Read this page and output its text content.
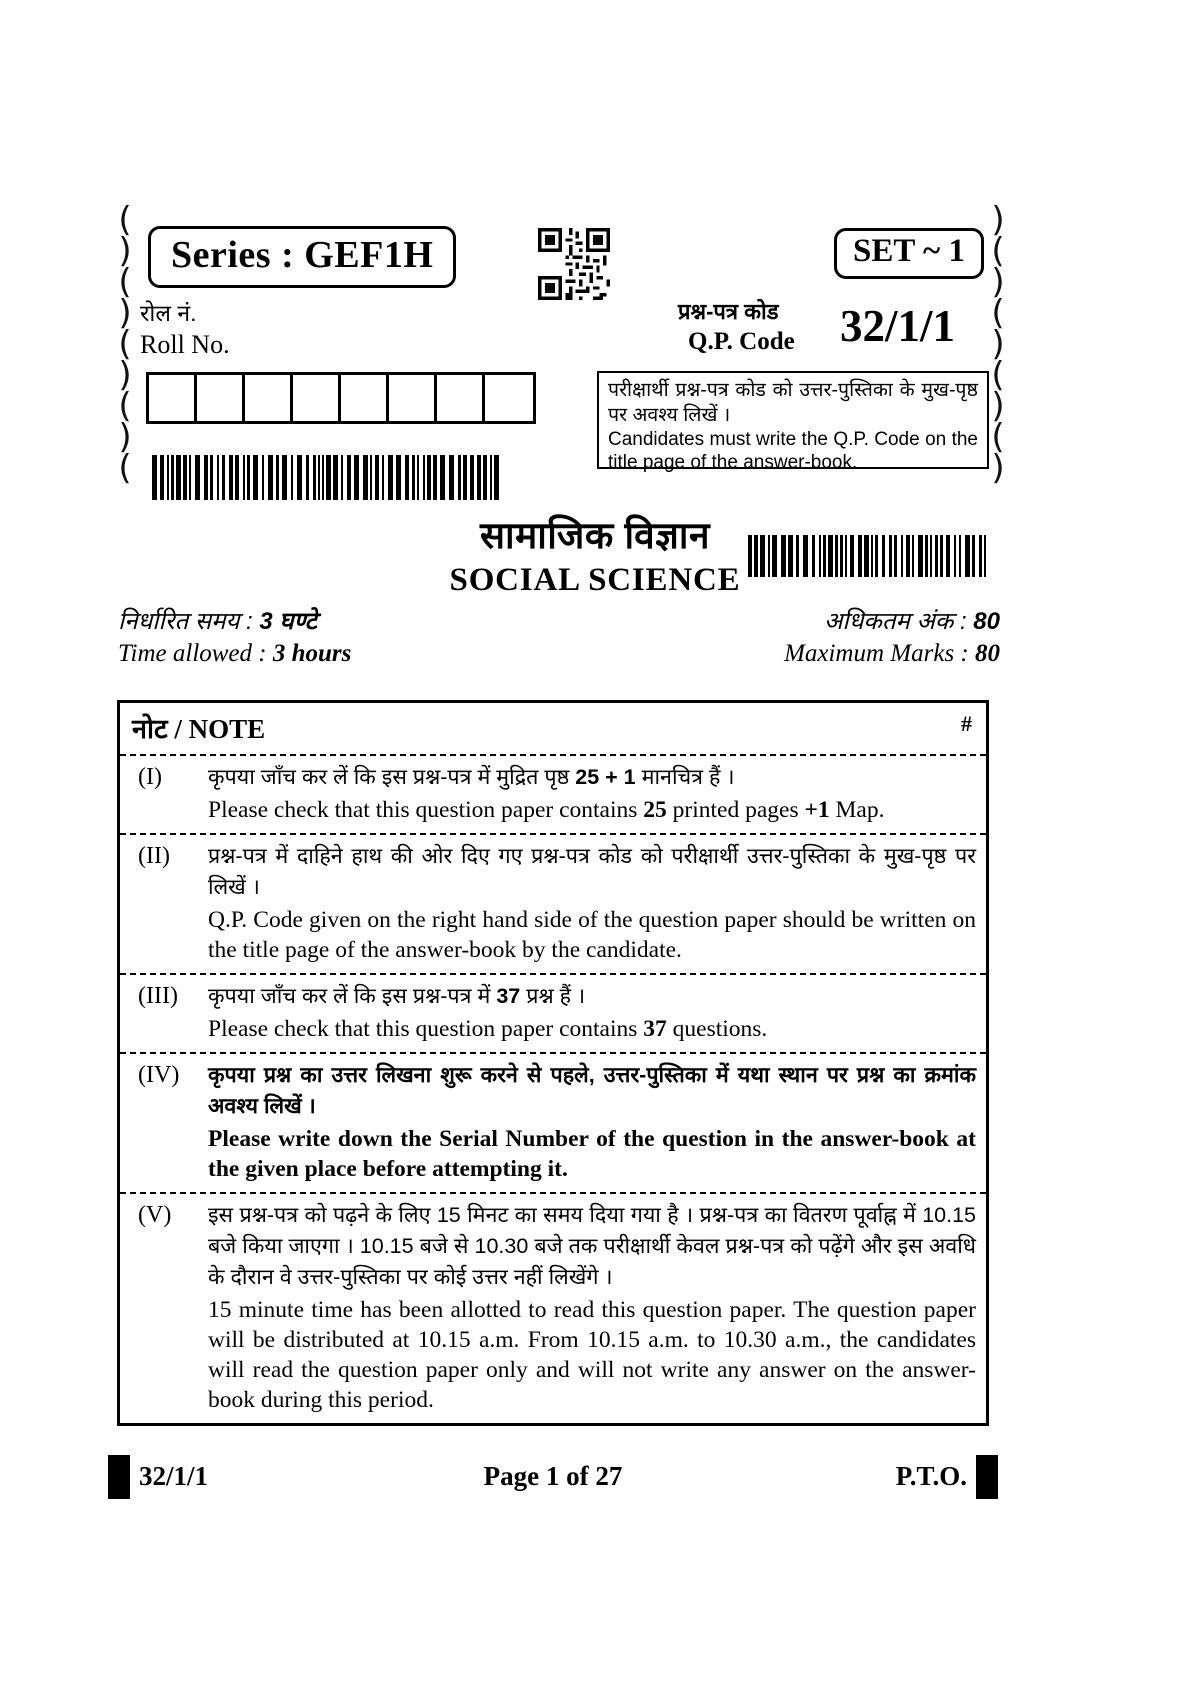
(
)
(
)
(
)
(
)
(
)
(
)
(
)
(
)
(
)
Series : GEF1H
रोल नं.
Roll No.
SET ~ 1
प्रश्न-पत्र कोड
Q.P. Code 32/1/1
परीक्षार्थी प्रश्न-पत्र कोड को उत्तर-पुस्तिका के मुख-पृष्ठ पर अवश्य लिखें ।
Candidates must write the Q.P. Code on the title page of the answer-book.
सामाजिक विज्ञान
SOCIAL SCIENCE
निर्धारित समय : 3 घण्टे
Time allowed : 3 hours
अधिकतम अंक : 80
Maximum Marks : 80
नोट / NOTE	#
(I)	कृपया जाँच कर लें कि इस प्रश्न-पत्र में मुद्रित पृष्ठ 25 + 1 मानचित्र हैं ।

Please check that this question paper contains 25 printed pages +1 Map.

(II)	प्रश्न-पत्र में दाहिने हाथ की ओर दिए गए प्रश्न-पत्र कोड को परीक्षार्थी उत्तर-पुस्तिका के मुख-पृष्ठ पर लिखें ।

Q.P. Code given on the right hand side of the question paper should be written on the title page of the answer-book by the candidate.

(III)	कृपया जाँच कर लें कि इस प्रश्न-पत्र में 37 प्रश्न हैं ।

Please check that this question paper contains 37 questions.

(IV)	कृपया प्रश्न का उत्तर लिखना शुरू करने से पहले, उत्तर-पुस्तिका में यथा स्थान पर प्रश्न का क्रमांक अवश्य लिखें ।

Please write down the Serial Number of the question in the answer-book at the given place before attempting it.

(V)	इस प्रश्न-पत्र को पढ़ने के लिए 15 मिनट का समय दिया गया है । प्रश्न-पत्र का वितरण पूर्वाह्न में 10.15 बजे किया जाएगा । 10.15 बजे से 10.30 बजे तक परीक्षार्थी केवल प्रश्न-पत्र को पढ़ेंगे और इस अवधि के दौरान वे उत्तर-पुस्तिका पर कोई उत्तर नहीं लिखेंगे ।

15 minute time has been allotted to read this question paper. The question paper will be distributed at 10.15 a.m. From 10.15 a.m. to 10.30 a.m., the candidates will read the question paper only and will not write any answer on the answer-book during this period.

32/1/1	Page 1 of 27	P.T.O.
